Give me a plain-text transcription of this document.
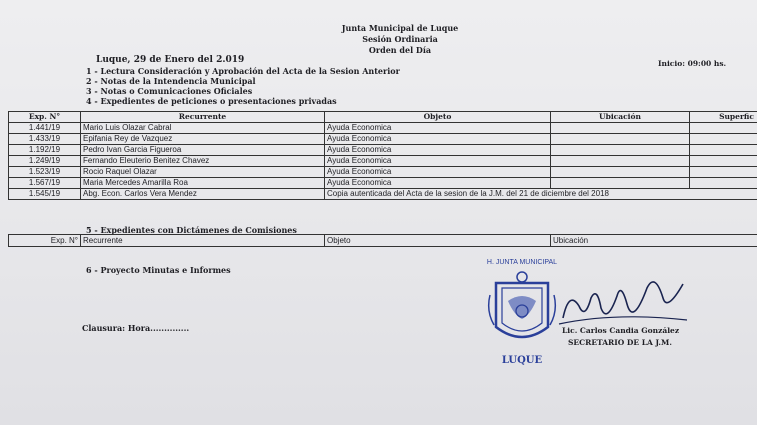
Junta Municipal de Luque
Sesión Ordinaria
Orden del Día
Luque, 29 de Enero del 2.019	Inicio: 09:00 hs.
1 - Lectura Consideración y Aprobación del Acta de la Sesion Anterior
2 - Notas de la Intendencia Municipal
3 - Notas o Comunicaciones Oficiales
4 - Expedientes de peticiones o presentaciones privadas
Exp. N°	Recurrente	Objeto	Ubicación	Superfic
1.441/19	Mario Luis Olazar Cabral	Ayuda Economica		
1.433/19	Epifania Rey de Vazquez	Ayuda Economica		
1.192/19	Pedro Ivan Garcia Figueroa	Ayuda Economica		
1.249/19	Fernando Eleuterio Benitez Chavez	Ayuda Economica		
1.523/19	Rocio Raquel Olazar	Ayuda Economica		
1.567/19	Maria Mercedes Amarilla Roa	Ayuda Economica		
1.545/19	Abg. Econ. Carlos Vera Mendez	Copia autenticada del Acta de la sesion de la J.M. del 21 de diciembre del 2018		
5 - Expedientes con Dictámenes de Comisiones
Exp. N°	Recurrente	Objeto	Ubicación
6 - Proyecto Minutas e Informes
Clausura: Hora..............
H. JUNTA MUNICIPAL
LUQUE
Lic. Carlos Candia González
SECRETARIO DE LA J.M.
